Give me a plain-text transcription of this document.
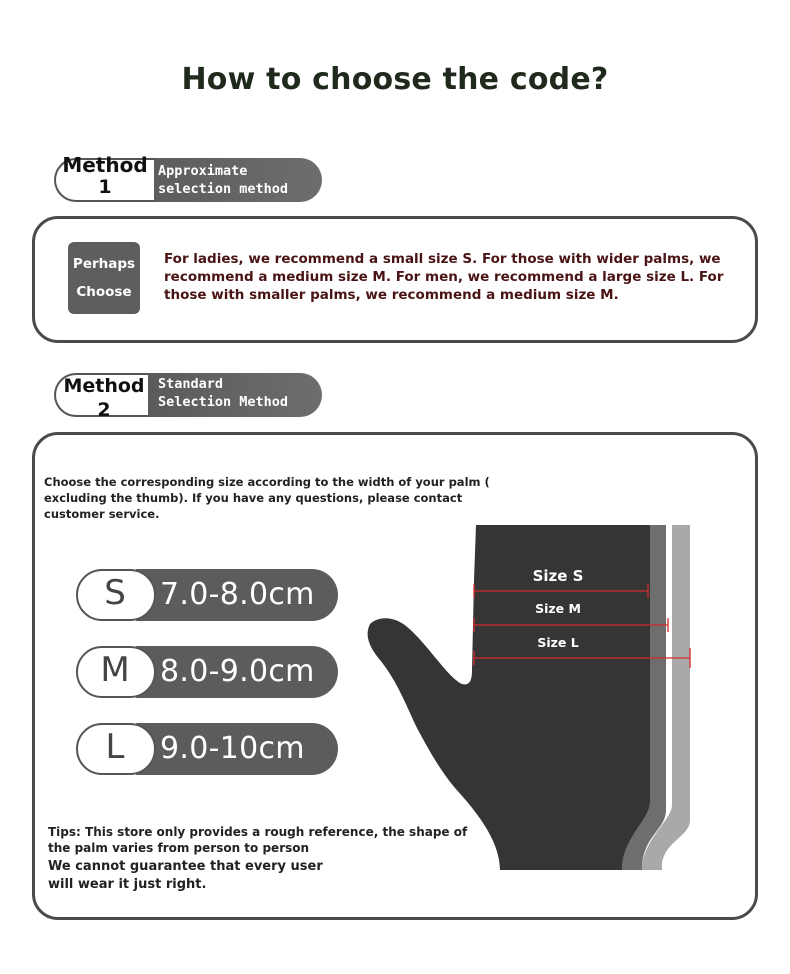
How to choose the code?
Method
1
Approximate
selection method
Perhaps
Choose
For ladies, we recommend a small size S. For those with wider palms, we recommend a medium size M. For men, we recommend a large size L. For those with smaller palms, we recommend a medium size M.
Method
2
Standard
Selection Method
Choose the corresponding size according to the width of your palm ( excluding the thumb). If you have any questions, please contact customer service.
S	7.0-8.0cm
M	8.0-9.0cm
L	9.0-10cm
Size S
Size M
Size L
Tips: This store only provides a rough reference, the shape of the palm varies from person to person
We cannot guarantee that every user will wear it just right.
